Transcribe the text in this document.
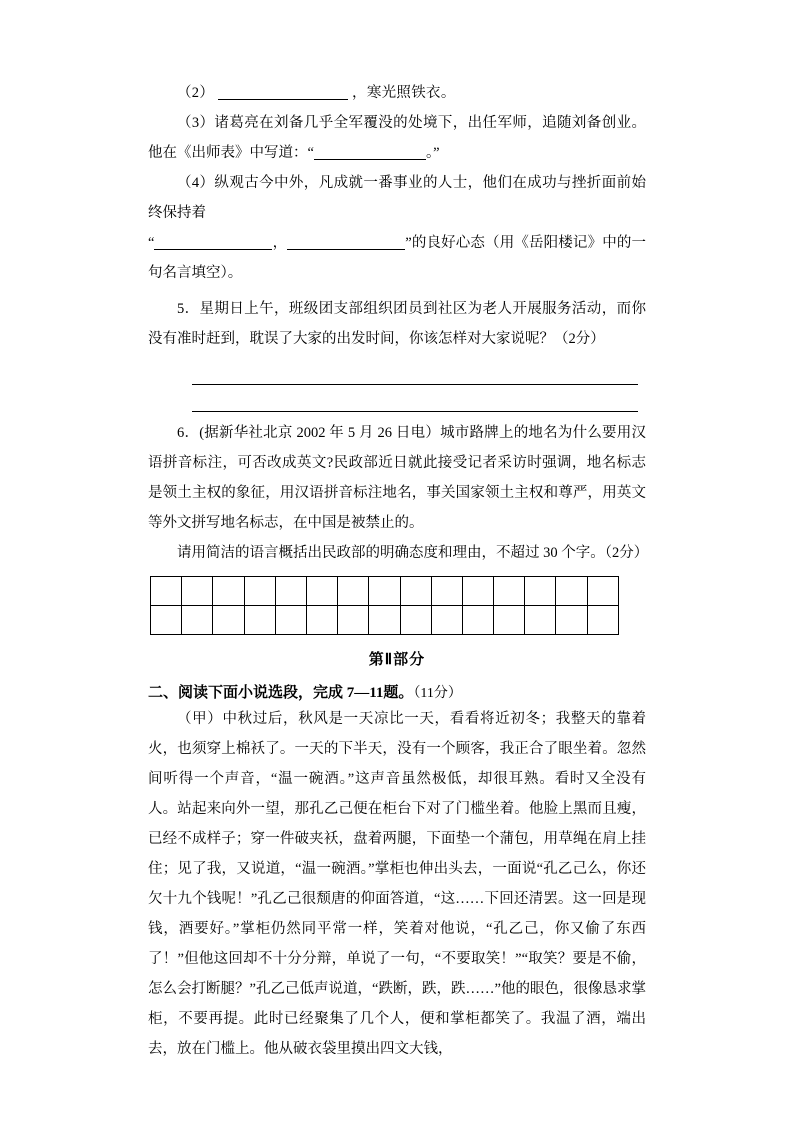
（2）	，寒光照铁衣。
（3）诸葛亮在刘备几乎全军覆没的处境下，出任军师，追随刘备创业。他在《出师表》中写道：“	。”
（4）纵观古今中外，凡成就一番事业的人士，他们在成功与挫折面前始终保持着
“	，	”的良好心态（用《岳阳楼记》中的一句名言填空）。
5．星期日上午，班级团支部组织团员到社区为老人开展服务活动，而你没有准时赶到，耽误了大家的出发时间，你该怎样对大家说呢？（2分）
6．(据新华社北京 2002 年 5 月 26 日电）城市路牌上的地名为什么要用汉语拼音标注，可否改成英文?民政部近日就此接受记者采访时强调，地名标志是领土主权的象征，用汉语拼音标注地名，事关国家领土主权和尊严，用英文等外文拼写地名标志，在中国是被禁止的。
请用简洁的语言概括出民政部的明确态度和理由，不超过 30 个字。（2分）
第Ⅱ部分
二、阅读下面小说选段，完成 7—11题。（11分）
（甲）中秋过后，秋风是一天凉比一天，看看将近初冬；我整天的靠着火，也须穿上棉袄了。一天的下半天，没有一个顾客，我正合了眼坐着。忽然间听得一个声音，“温一碗酒。”这声音虽然极低，却很耳熟。看时又全没有人。站起来向外一望，那孔乙己便在柜台下对了门槛坐着。他脸上黑而且瘦，已经不成样子；穿一件破夹袄，盘着两腿，下面垫一个蒲包，用草绳在肩上挂住；见了我，又说道，“温一碗酒。”掌柜也伸出头去，一面说“孔乙己么，你还欠十九个钱呢！”孔乙己很颓唐的仰面答道，“这……下回还清罢。这一回是现钱，酒要好。”掌柜仍然同平常一样，笑着对他说，“孔乙己，你又偷了东西了！”但他这回却不十分分辩，单说了一句，“不要取笑！”“取笑？要是不偷，怎么会打断腿？”孔乙己低声说道，“跌断，跌，跌……”他的眼色，很像恳求掌柜，不要再提。此时已经聚集了几个人，便和掌柜都笑了。我温了酒，端出去，放在门槛上。他从破衣袋里摸出四文大钱，
